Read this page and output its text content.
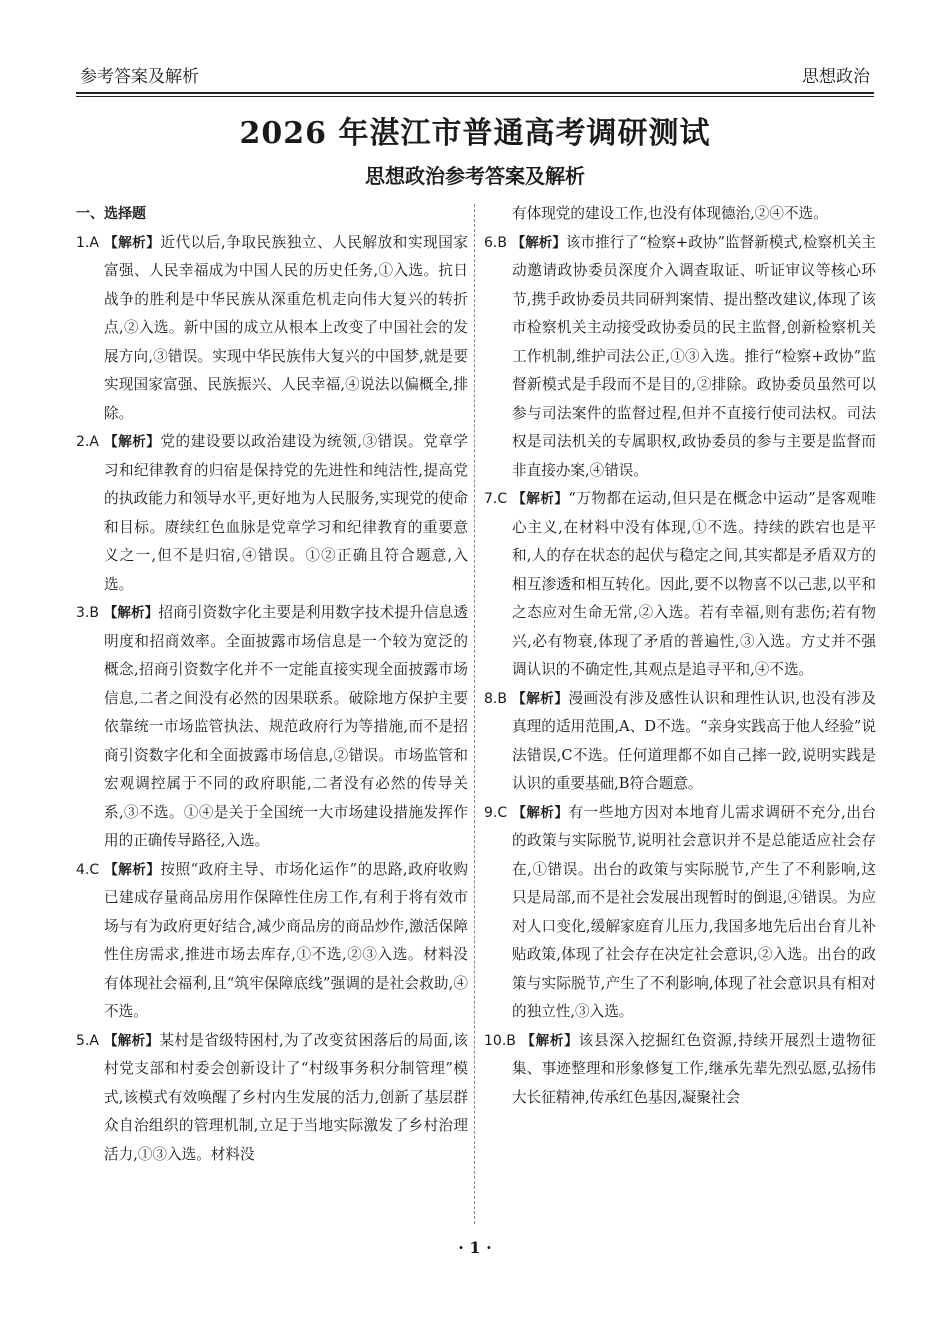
参考答案及解析	思想政治
2026 年湛江市普通高考调研测试
思想政治参考答案及解析

一、选择题

1.A 【解析】近代以后,争取民族独立、人民解放和实现国家富强、人民幸福成为中国人民的历史任务,①入选。抗日战争的胜利是中华民族从深重危机走向伟大复兴的转折点,②入选。新中国的成立从根本上改变了中国社会的发展方向,③错误。实现中华民族伟大复兴的中国梦,就是要实现国家富强、民族振兴、人民幸福,④说法以偏概全,排除。

2.A 【解析】党的建设要以政治建设为统领,③错误。党章学习和纪律教育的归宿是保持党的先进性和纯洁性,提高党的执政能力和领导水平,更好地为人民服务,实现党的使命和目标。赓续红色血脉是党章学习和纪律教育的重要意义之一,但不是归宿,④错误。①②正确且符合题意,入选。

3.B 【解析】招商引资数字化主要是利用数字技术提升信息透明度和招商效率。全面披露市场信息是一个较为宽泛的概念,招商引资数字化并不一定能直接实现全面披露市场信息,二者之间没有必然的因果联系。破除地方保护主要依靠统一市场监管执法、规范政府行为等措施,而不是招商引资数字化和全面披露市场信息,②错误。市场监管和宏观调控属于不同的政府职能,二者没有必然的传导关系,③不选。①④是关于全国统一大市场建设措施发挥作用的正确传导路径,入选。

4.C 【解析】按照“政府主导、市场化运作”的思路,政府收购已建成存量商品房用作保障性住房工作,有利于将有效市场与有为政府更好结合,减少商品房的商品炒作,激活保障性住房需求,推进市场去库存,①不选,②③入选。材料没有体现社会福利,且“筑牢保障底线”强调的是社会救助,④不选。

5.A 【解析】某村是省级特困村,为了改变贫困落后的局面,该村党支部和村委会创新设计了“村级事务积分制管理”模式,该模式有效唤醒了乡村内生发展的活力,创新了基层群众自治组织的管理机制,立足于当地实际激发了乡村治理活力,①③入选。材料没

有体现党的建设工作,也没有体现德治,②④不选。

6.B 【解析】该市推行了“检察+政协”监督新模式,检察机关主动邀请政协委员深度介入调查取证、听证审议等核心环节,携手政协委员共同研判案情、提出整改建议,体现了该市检察机关主动接受政协委员的民主监督,创新检察机关工作机制,维护司法公正,①③入选。推行“检察+政协”监督新模式是手段而不是目的,②排除。政协委员虽然可以参与司法案件的监督过程,但并不直接行使司法权。司法权是司法机关的专属职权,政协委员的参与主要是监督而非直接办案,④错误。

7.C 【解析】“万物都在运动,但只是在概念中运动”是客观唯心主义,在材料中没有体现,①不选。持续的跌宕也是平和,人的存在状态的起伏与稳定之间,其实都是矛盾双方的相互渗透和相互转化。因此,要不以物喜不以己悲,以平和之态应对生命无常,②入选。若有幸福,则有悲伤;若有物兴,必有物衰,体现了矛盾的普遍性,③入选。方丈并不强调认识的不确定性,其观点是追寻平和,④不选。

8.B 【解析】漫画没有涉及感性认识和理性认识,也没有涉及真理的适用范围,A、D不选。“亲身实践高于他人经验”说法错误,C不选。任何道理都不如自己摔一跤,说明实践是认识的重要基础,B符合题意。

9.C 【解析】有一些地方因对本地育儿需求调研不充分,出台的政策与实际脱节,说明社会意识并不是总能适应社会存在,①错误。出台的政策与实际脱节,产生了不利影响,这只是局部,而不是社会发展出现暂时的倒退,④错误。为应对人口变化,缓解家庭育儿压力,我国多地先后出台育儿补贴政策,体现了社会存在决定社会意识,②入选。出台的政策与实际脱节,产生了不利影响,体现了社会意识具有相对的独立性,③入选。

10.B 【解析】该县深入挖掘红色资源,持续开展烈士遗物征集、事迹整理和形象修复工作,继承先辈先烈弘愿,弘扬伟大长征精神,传承红色基因,凝聚社会

· 1 ·
